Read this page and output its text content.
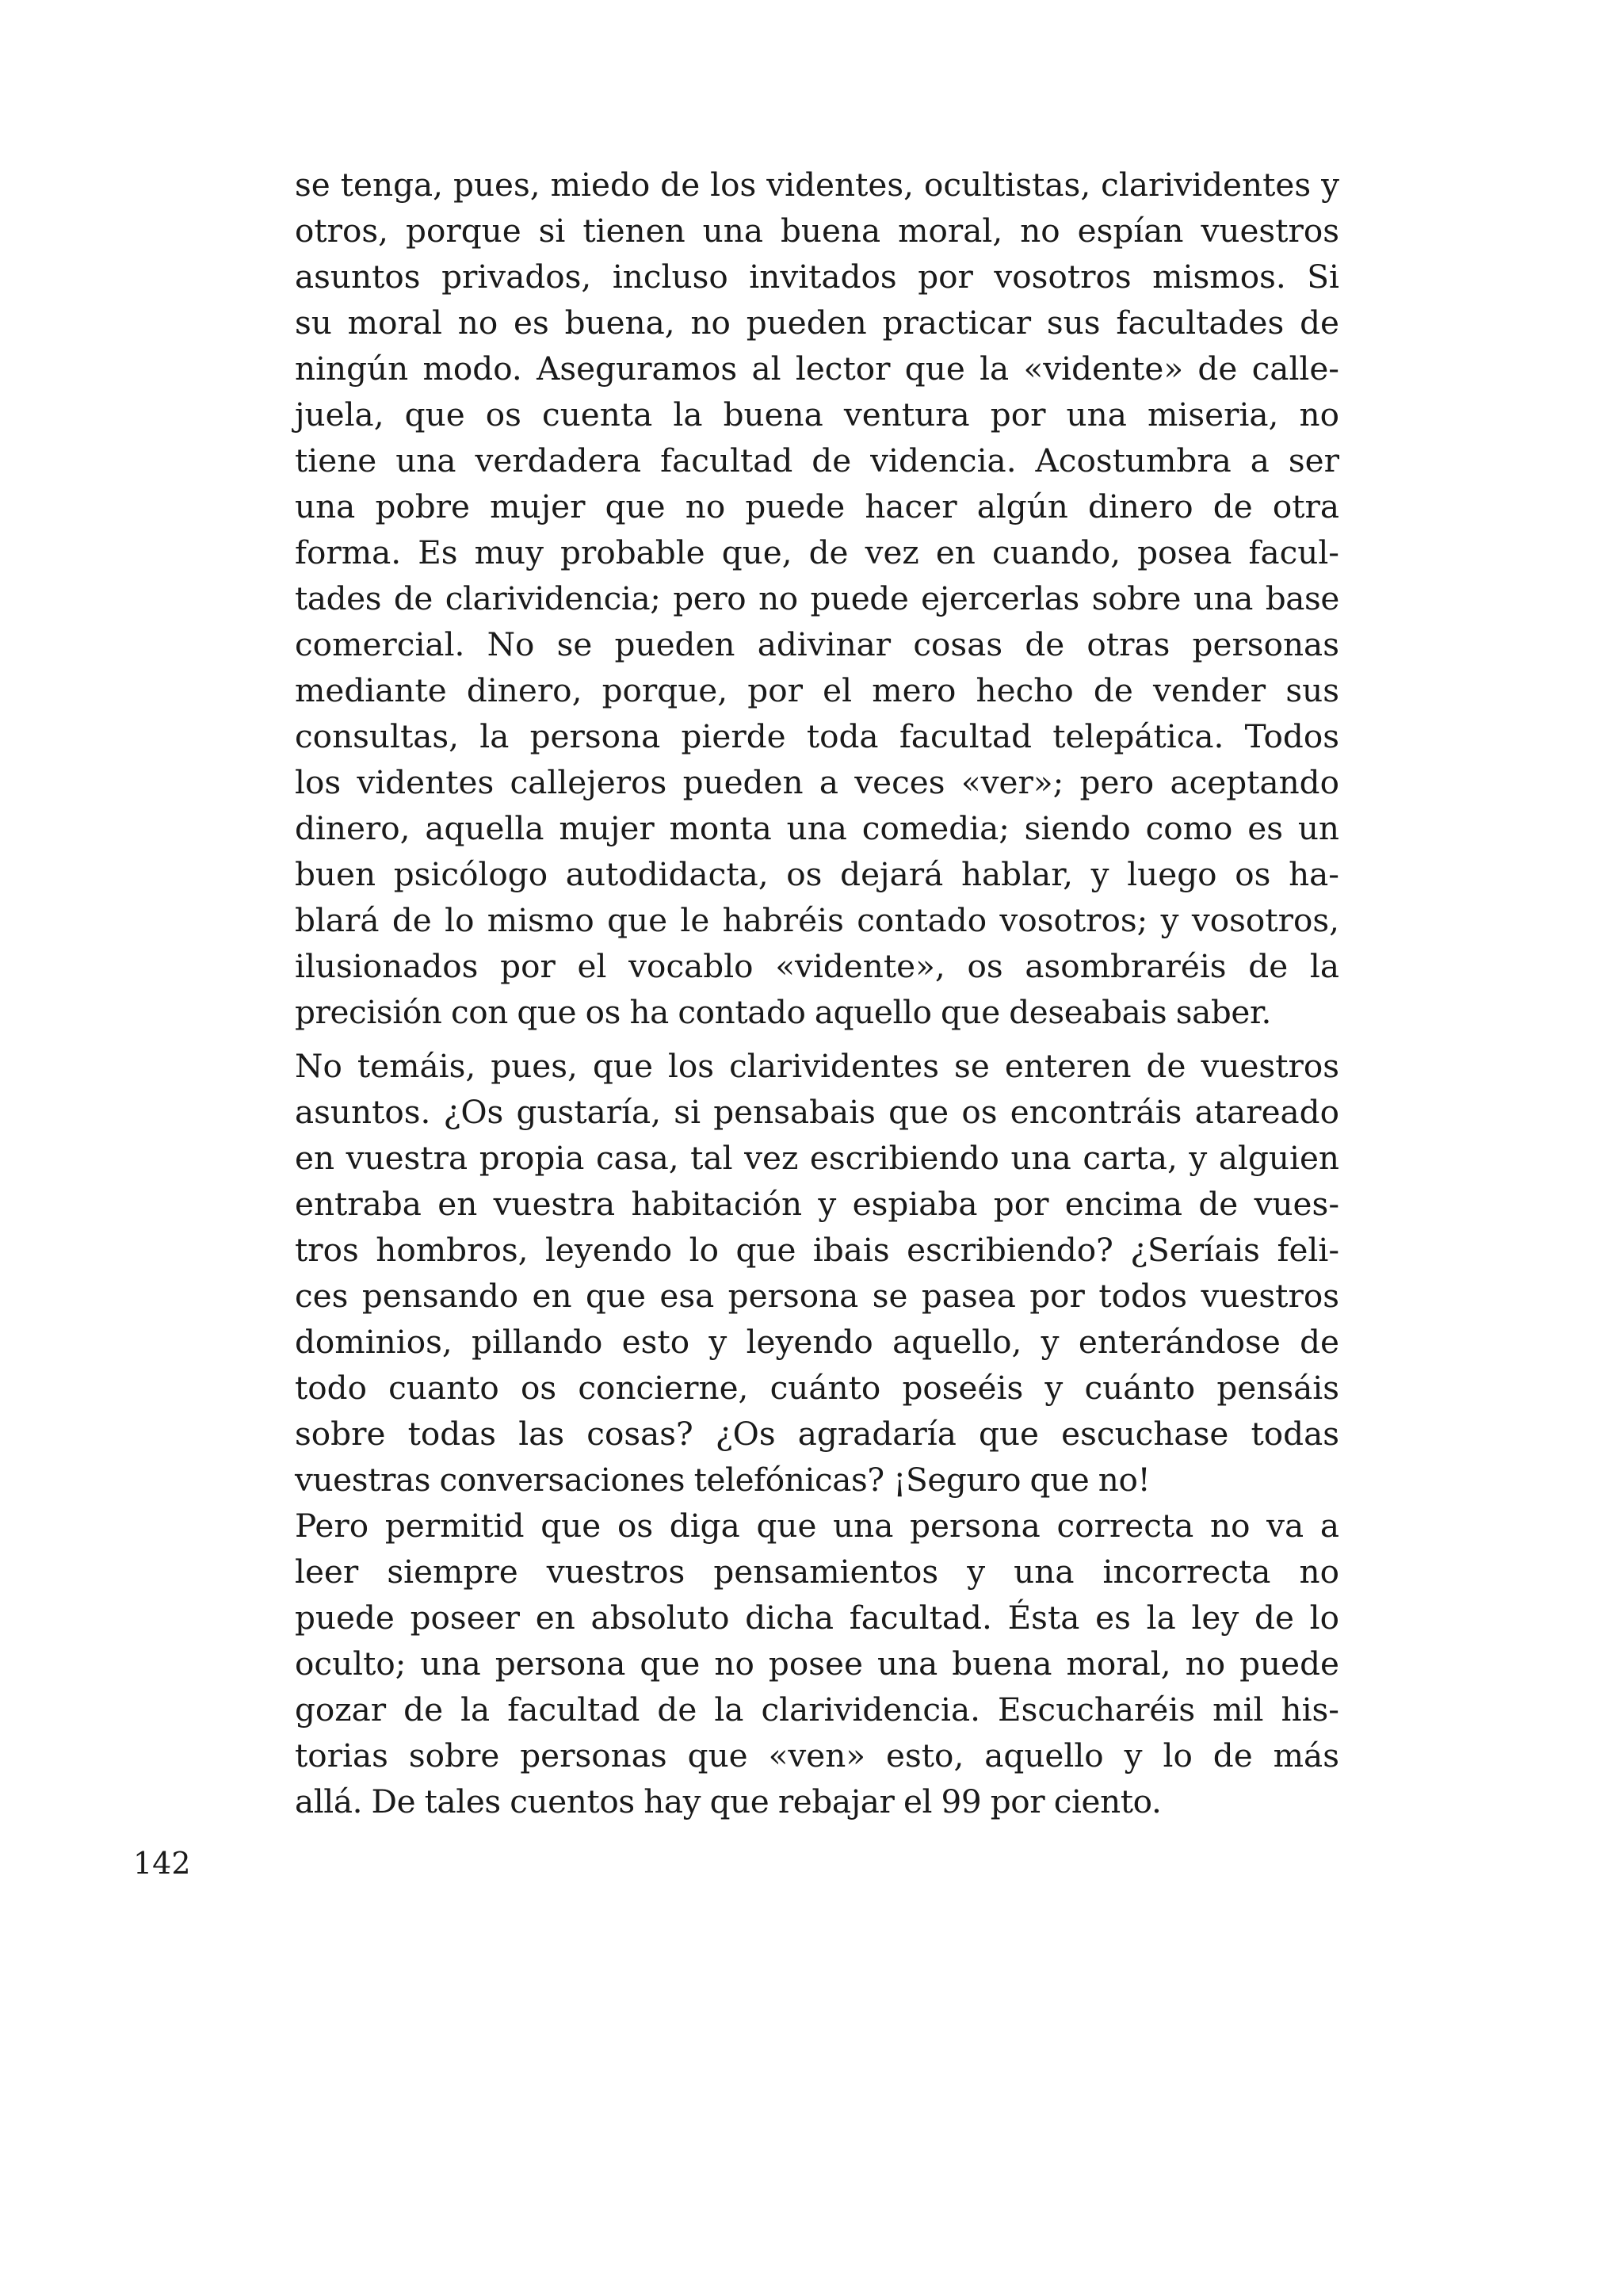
se tenga, pues, miedo de los videntes, ocultistas, clarividentes y
otros, porque si tienen una buena moral, no espían vuestros
asuntos privados, incluso invitados por vosotros mismos. Si
su moral no es buena, no pueden practicar sus facultades de
ningún modo. Aseguramos al lector que la «vidente» de calle-
juela, que os cuenta la buena ventura por una miseria, no
tiene una verdadera facultad de videncia. Acostumbra a ser
una pobre mujer que no puede hacer algún dinero de otra
forma. Es muy probable que, de vez en cuando, posea facul-
tades de clarividencia; pero no puede ejercerlas sobre una base
comercial. No se pueden adivinar cosas de otras personas
mediante dinero, porque, por el mero hecho de vender sus
consultas, la persona pierde toda facultad telepática. Todos
los videntes callejeros pueden a veces «ver»; pero aceptando
dinero, aquella mujer monta una comedia; siendo como es un
buen psicólogo autodidacta, os dejará hablar, y luego os ha-
blará de lo mismo que le habréis contado vosotros; y vosotros,
ilusionados por el vocablo «vidente», os asombraréis de la
precisión con que os ha contado aquello que deseabais saber.
No temáis, pues, que los clarividentes se enteren de vuestros
asuntos. ¿Os gustaría, si pensabais que os encontráis atareado
en vuestra propia casa, tal vez escribiendo una carta, y alguien
entraba en vuestra habitación y espiaba por encima de vues-
tros hombros, leyendo lo que ibais escribiendo? ¿Seríais feli-
ces pensando en que esa persona se pasea por todos vuestros
dominios, pillando esto y leyendo aquello, y enterándose de
todo cuanto os concierne, cuánto poseéis y cuánto pensáis
sobre todas las cosas? ¿Os agradaría que escuchase todas
vuestras conversaciones telefónicas? ¡Seguro que no!
Pero permitid que os diga que una persona correcta no va a
leer siempre vuestros pensamientos y una incorrecta no
puede poseer en absoluto dicha facultad. Ésta es la ley de lo
oculto; una persona que no posee una buena moral, no puede
gozar de la facultad de la clarividencia. Escucharéis mil his-
torias sobre personas que «ven» esto, aquello y lo de más
allá. De tales cuentos hay que rebajar el 99 por ciento.
142
